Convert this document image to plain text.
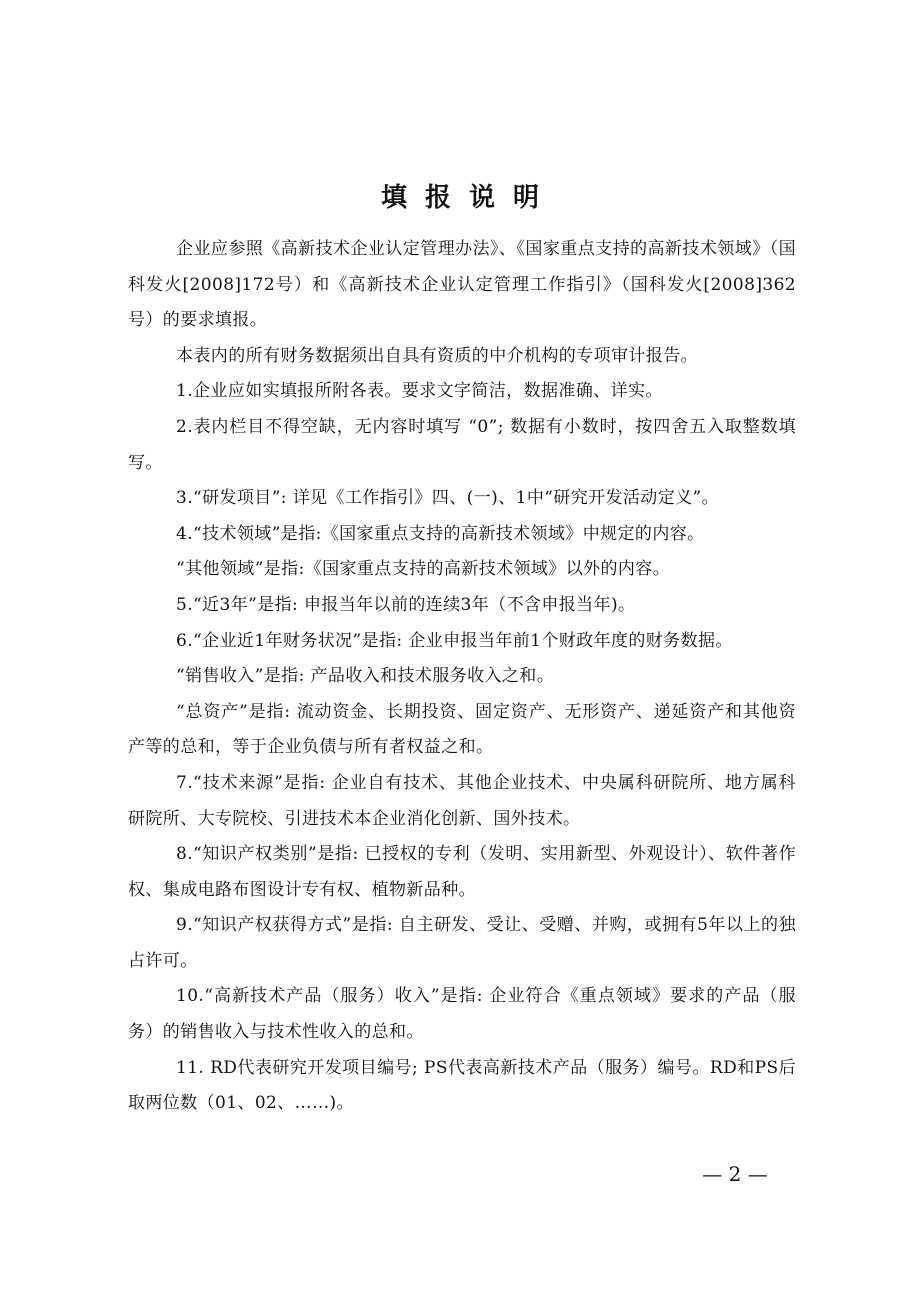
填报说明

企业应参照《高新技术企业认定管理办法》、《国家重点支持的高新技术领域》（国科发火[2008]172号）和《高新技术企业认定管理工作指引》（国科发火[2008]362号）的要求填报。

本表内的所有财务数据须出自具有资质的中介机构的专项审计报告。

1.企业应如实填报所附各表。要求文字简洁，数据准确、详实。

2.表内栏目不得空缺，无内容时填写 “0”; 数据有小数时，按四舍五入取整数填写。

3.“研发项目”: 详见《工作指引》四、(一)、1中“研究开发活动定义”。

4.“技术领域”是指:《国家重点支持的高新技术领域》中规定的内容。

“其他领域”是指:《国家重点支持的高新技术领域》以外的内容。

5.“近3年”是指: 申报当年以前的连续3年（不含申报当年)。

6.“企业近1年财务状况”是指: 企业申报当年前1个财政年度的财务数据。

“销售收入”是指: 产品收入和技术服务收入之和。

“总资产”是指: 流动资金、长期投资、固定资产、无形资产、递延资产和其他资产等的总和，等于企业负债与所有者权益之和。

7.“技术来源”是指: 企业自有技术、其他企业技术、中央属科研院所、地方属科研院所、大专院校、引进技术本企业消化创新、国外技术。

8.“知识产权类别”是指: 已授权的专利（发明、实用新型、外观设计）、软件著作权、集成电路布图设计专有权、植物新品种。

9.“知识产权获得方式”是指: 自主研发、受让、受赠、并购，或拥有5年以上的独占许可。

10.“高新技术产品（服务）收入”是指: 企业符合《重点领域》要求的产品（服务）的销售收入与技术性收入的总和。

11. RD代表研究开发项目编号; PS代表高新技术产品（服务）编号。RD和PS后取两位数（01、02、……)。

— 2 —
